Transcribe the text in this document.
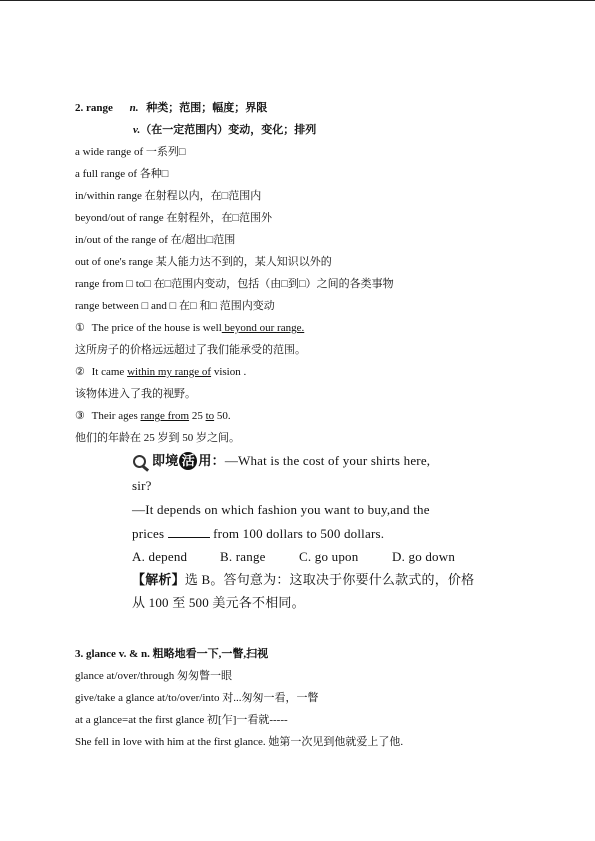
2. range n. 种类；范围；幅度；界限
v.（在一定范围内）变动，变化；排列
a wide range of 一系列□
a full range of 各种□
in/within range 在射程以内，在□范围内
beyond/out of range 在射程外，在□范围外
in/out of the range of 在/超出□范围
out of one's range 某人能力达不到的，某人知识以外的
range from □ to□ 在□范围内变动，包括（由□到□）之间的各类事物
range between □ and □ 在□ 和□ 范围内变动
① The price of the house is well beyond our range.
这所房子的价格远远超过了我们能承受的范围。
② It came within my range of vision .
该物体进入了我的视野。
③ Their ages range from 25 to 50.
他们的年龄在 25 岁到 50 岁之间。
即境 活 用： —What is the cost of your shirts here,
sir?
—It depends on which fashion you want to buy,and the
prices	from 100 dollars to 500 dollars.
A. depend	B. range	C. go upon	D. go down
【解析】选 B。答句意为：这取决于你要什么款式的，价格
从 100 至 500 美元各不相同。
3. glance v. & n. 粗略地看一下,一瞥,扫视
glance at/over/through 匆匆瞥一眼
give/take a glance at/to/over/into 对...匆匆一看，一瞥
at a glance=at the first glance 初[乍]一看就-----
She fell in love with him at the first glance. 她第一次见到他就爱上了他.
